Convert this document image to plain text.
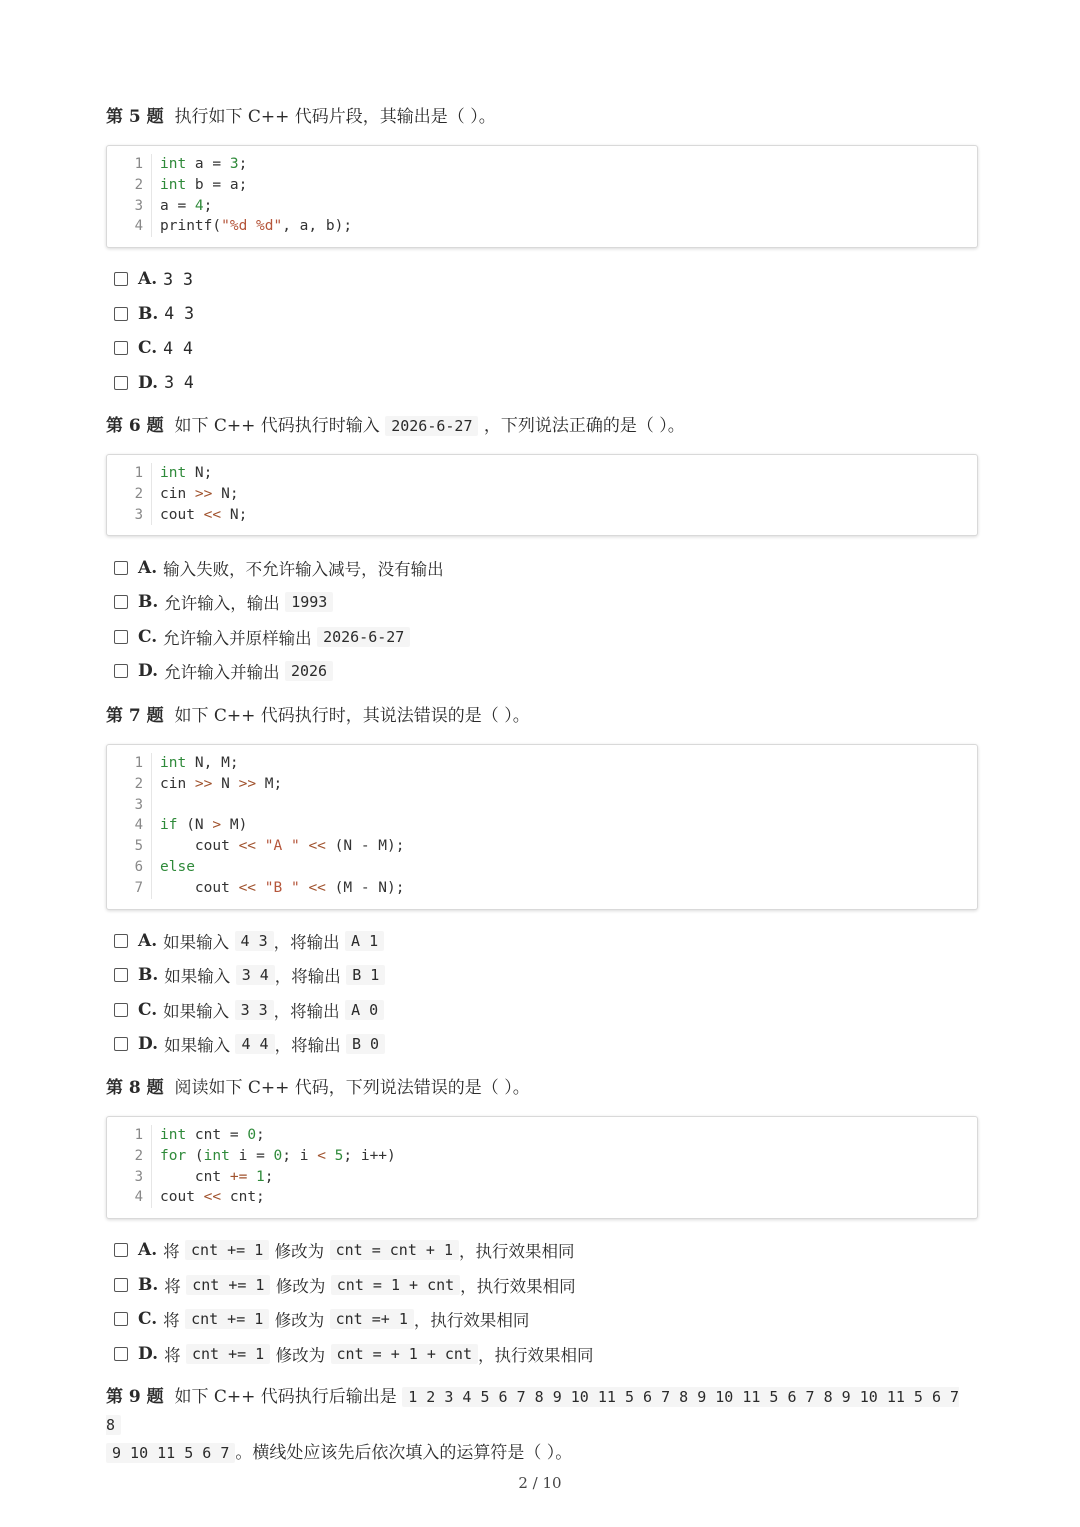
第 5 题 执行如下 C++ 代码片段，其输出是（ ）。

1
2
3
4
int a = 3;
int b = a;
a = 4;
printf("%d %d", a, b);
A. 3 3
B. 4 3
C. 4 4
D. 3 4

第 6 题 如下 C++ 代码执行时输入 2026-6-27 ，下列说法正确的是（ ）。

1
2
3
int N;
cin >> N;
cout << N;
A. 输入失败，不允许输入减号，没有输出
B. 允许输入，输出
1993
C. 允许输入并原样输出
2026-6-27
D. 允许输入并输出
2026

第 7 题 如下 C++ 代码执行时，其说法错误的是（ ）。

1
2
3
4
5
6
7
int N, M;
cin >> N >> M;

if (N > M)
cout << "A " << (N - M);
else
cout << "B " << (M - N);
A. 如果输入
4 3 ，将输出
A 1
B. 如果输入
3 4 ，将输出
B 1
C. 如果输入
3 3 ，将输出
A 0
D. 如果输入
4 4 ，将输出
B 0

第 8 题 阅读如下 C++ 代码，下列说法错误的是（ ）。

1
2
3
4
int cnt = 0;
for (int i = 0; i < 5; i++)
cnt += 1;
cout << cnt;
A. 将
cnt += 1
修改为
cnt = cnt + 1 ，执行效果相同
B. 将
cnt += 1
修改为
cnt = 1 + cnt ，执行效果相同
C. 将
cnt += 1
修改为
cnt =+ 1 ，执行效果相同
D. 将
cnt += 1
修改为
cnt = + 1 + cnt ，执行效果相同

第 9 题 如下 C++ 代码执行后输出是 1 2 3 4 5 6 7 8 9 10 11 5 6 7 8 9 10 11 5 6 7 8 9 10 11 5 6 7 8

9 10 11 5 6 7 。横线处应该先后依次填入的运算符是（ ）。

2 / 10
